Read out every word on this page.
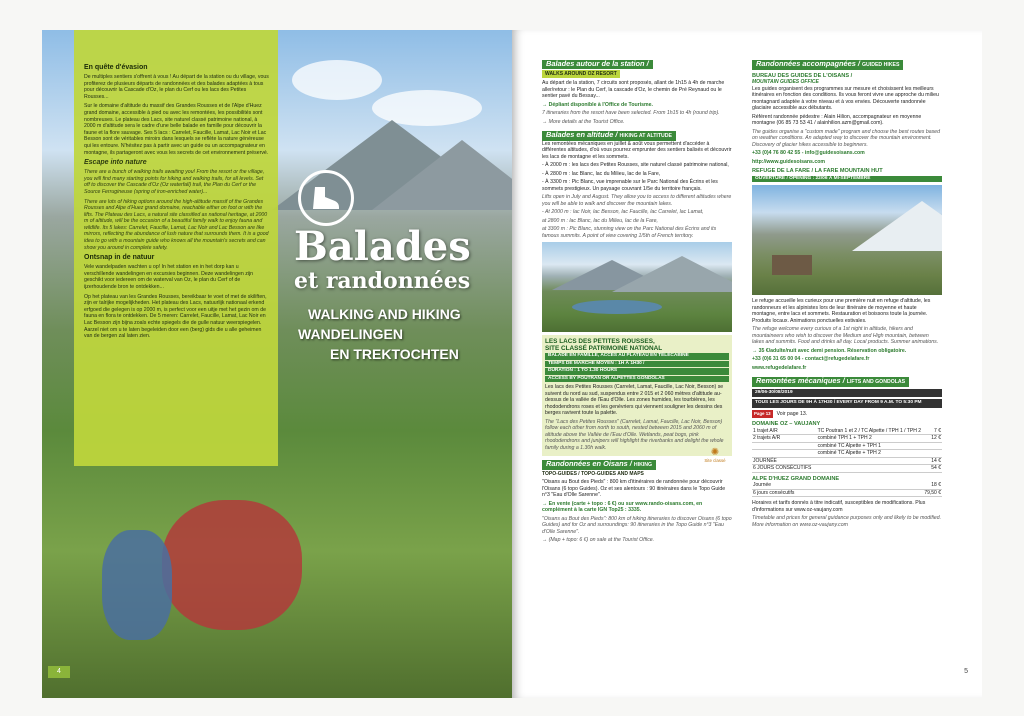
En quête d'évasion

De multiples sentiers s'offrent à vous ! Au départ de la station ou du village, vous profiterez de plusieurs départs de randonnées et des balades adaptées à tous pour découvrir la Cascade d'Oz, le plan du Cerf ou les lacs des Petites Rousses...

Sur le domaine d'altitude du massif des Grandes Rousses et de l'Alpe d'Huez grand domaine, accessible à pied ou avec les remontées, les possibilités sont nombreuses. Le plateau des Lacs, site naturel classé patrimoine national, à 2000 m d'altitude sera le cadre d'une belle balade en famille pour découvrir la faune et la flore sauvage. Ses 5 lacs : Carrelet, Faucille, Lamat, Lac Noir et Lac Besson sont de véritables miroirs dans lesquels se reflète la nature généreuse qui les entoure. N'hésitez pas à partir avec un guide ou un accompagnateur en montagne, ils partageront avec vous les secrets de cet environnement préservé.

Escape into nature

There are a bunch of walking trails awaiting you! From the resort or the village, you will find many starting points for hiking and walking trails, for all levels. Set off to discover the Cascade d'Oz (Oz waterfall) trail, the Plan du Cerf or the Source Ferrugineuse (spring of iron-enriched water)...

There are lots of hiking options around the high-altitude massif of the Grandes Rousses and Alpe d'Huez grand domaine, reachable either on foot or with the lifts. The Plateau des Lacs, a natural site classified as national heritage, at 2000 m of altitude, will be the occasion of a beautiful family walk to enjoy fauna and wildlife. Its 5 lakes: Carrelet, Faucille, Lamat, Lac Noir and Lac Besson are like mirrors, reflecting the abundance of lush nature that surrounds them. It is a good idea to go with a mountain guide who knows all the mountain's secrets and can show you around in complete safety.

Ontsnap in de natuur

Vele wandelpaden wachten u op! In het station en in het dorp kan u verschillende wandelingen en excursies beginnen. Deze wandelingen zijn geschikt voor iedereen om de waterval van Oz, le plan du Cerf of de ijzerhoudende bron te ontdekken...

Op het plateau van les Grandes Rousses, bereikbaar te voet of met de skiliften, zijn er talrijke mogelijkheden. Het plateau des Lacs, natuurlijk nationaal erkend erfgoed die gelegen is op 2000 m, is perfect voor een uitje met het gezin om de fauna en flora te ontdekken. De 5 meren: Carrelet, Faucille, Lamat, Lac Noir en Lac Besson zijn bijna zoals echte spiegels die de gulle natuur weerspiegelen. Aarzel niet om u te laten begeleiden door een (berg) gids die u alle geheimen van de bergen zal laten zien.

Balades
et randonnées
WALKING AND HIKING
WANDELINGEN
EN TREKTOCHTEN
4
Balades autour de la station /
WALKS AROUND OZ RESORT

Au départ de la station, 7 circuits sont proposés, allant de 1h15 à 4h de marche aller/retour : le Plan du Cerf, la cascade d'Oz, le chemin de Pré Reynaud ou le sentier pavé du Bessay...

→ Dépliant disponible à l'Office de Tourisme.

7 itineraries from the resort have been selected. From 1h15 to 4h (round trip).

→ More details at the Tourist Office.

Balades en altitude / HIKING AT ALTITUDE

Les remontées mécaniques en juillet & août vous permettent d'accéder à différentes altitudes, d'où vous pourrez emprunter des sentiers balisés et découvrir les lacs de montagne et les sommets.

- À 2000 m : les lacs des Petites Rousses, site naturel classé patrimoine national,

- À 2800 m : lac Blanc, lac du Milieu, lac de la Fare,

- À 3300 m : Pic Blanc, vue imprenable sur le Parc National des Écrins et les sommets prestigieux. Un paysage couvrant 1/5e du territoire français.

Lifts open in July and August. They allow you to access to different altitudes where you will be able to walk and discover the mountain lakes.

- At 2000 m : lac Noir, lac Besson, lac Faucille, lac Carrelet, lac Lamat,

at 2800 m : lac Blanc, lac du Milieu, lac de la Fare,

at 3300 m : Pic Blanc, stunning view on the Parc National des Écrins and its famous summits. A point of view covering 1/5th of French territory.

LES LACS DES PETITES ROUSSES,
SITE CLASSÉ PATRIMOINE NATIONAL
BALADE EN FAMILLE, ACCÈS AU PLATEAU EN TÉLÉCABINE
TEMPS DE MARCHE MOYEN : 1H À 1H30 /
DURATION : 1 TO 1.30 HOURS
ACCESS BY POUTRAN OR ALPETTES GONDOLAS

Les lacs des Petites Rousses (Carrelet, Lamat, Faucille, Lac Noir, Besson) se suivent du nord au sud, suspendus entre 2 015 et 2 060 mètres d'altitude au-dessus de la vallée de l'Eau d'Olle. Les zones humides, les tourbières, les rhododendrons roses et les genévriers qui viennent souligner les dessins des berges ravivent toute la palette.

The "Lacs des Petites Rousses" (Carrelet, Lamat, Faucille, Lac Noir, Besson) follow each other from north to south, nested between 2015 and 2060 m of altitude above the Vallée de l'Eau d'Olle. Wetlands, peat bogs, pink rhododendrons and junipers will highlight the riverbanks and delight the whole family during a 1.30h walk.	✺
Site classé
Randonnées en Oisans / HIKING
TOPO-GUIDES / TOPO-GUIDES AND MAPS

"Oisans au Bout des Pieds" : 800 km d'itinéraires de randonnée pour découvrir l'Oisans (6 topo Guides). Oz et ses alentours : 90 itinéraires dans le Topo Guide n°3 "Eau d'Olle Sarenne".

→ En vente (carte + topo : 6 €) ou sur www.rando-oisans.com, en complément à la carte IGN Top25 : 3335.

"Oisans au Bout des Pieds": 800 km of hiking itineraries to discover Oisans (6 topo Guides) and for Oz and surroundings: 90 itineraries in the Topo Guide n°3 "Eau d'Olle Sarenne".

→ (Map + topo: 6 €) on sale at the Tourist Office.

Randonnées accompagnées / GUIDED HIKES
BUREAU DES GUIDES DE L'OISANS /
MOUNTAIN GUIDES OFFICE

Les guides organisent des programmes sur mesure et choisissent les meilleurs itinéraires en fonction des conditions. Ils vous feront vivre une approche du milieu montagnard adaptée à votre niveau et à vos envies. Découverte randonnée glaciaire accessible aux débutants.

Référent randonnée pédestre : Alain Hilion, accompagnateur en moyenne montagne (06 85 73 53 41 / alainhilion.azm@gmail.com).

The guides organise a "custom made" program and choose the best routes based on weather conditions. An adapted way to discover the mountain environment. Discovery of glacier hikes accessible to beginners.

+33 (0)4 76 80 42 55 - info@guidesoisans.com

http://www.guidesoisans.com

REFUGE DE LA FARE / LA FARE MOUNTAIN HUT
OUVERTURE / OPENING : 22/06 À MI-SEPTEMBRE

Le refuge accueille les curieux pour une première nuit en refuge d'altitude, les randonneurs et les alpinistes lors de leur itinéraire de moyenne et haute montagne, entre lacs et sommets. Restauration et boissons toute la journée. Produits locaux. Animations ponctuelles estivales.

The refuge welcome every curious of a 1st night in altitude, hikers and mountaineers who wish to discover the Medium and High mountain, between lakes and summits. Food and drinks all day. Local products. Summer animations.

→ 35 €/adulte/nuit avec demi pension. Réservation obligatoire.

+33 (0)6 31 65 00 04 - contact@refugedelafare.fr

www.refugedelafare.fr

Remontées mécaniques / LIFTS AND GONDOLAS
29/06-30/08/2019
TOUS LES JOURS DE 9H À 17H30 / EVERY DAY FROM 9 A.M. TO 5:30 PM
Page 13	Voir page 13.
DOMAINE OZ – VAUJANY
1 trajet A/R	TC Poutran 1 et 2 / TC Alpette / TPH 1 / TPH 2	7 €
2 trajets A/R	combiné TPH 1 + TPH 2	12 €
	combiné TC Alpette + TPH 1	
	combiné TC Alpette + TPH 2	
JOURNÉE		14 €
6 JOURS CONSÉCUTIFS		54 €
ALPE D'HUEZ GRAND DOMAINE
Journée	18 €
6 jours consécutifs	79,50 €

Horaires et tarifs donnés à titre indicatif, susceptibles de modifications. Plus d'informations sur www.oz-vaujany.com

Timetable and prices for general guidance purposes only and likely to be modified. More information on www.oz-vaujany.com

5
